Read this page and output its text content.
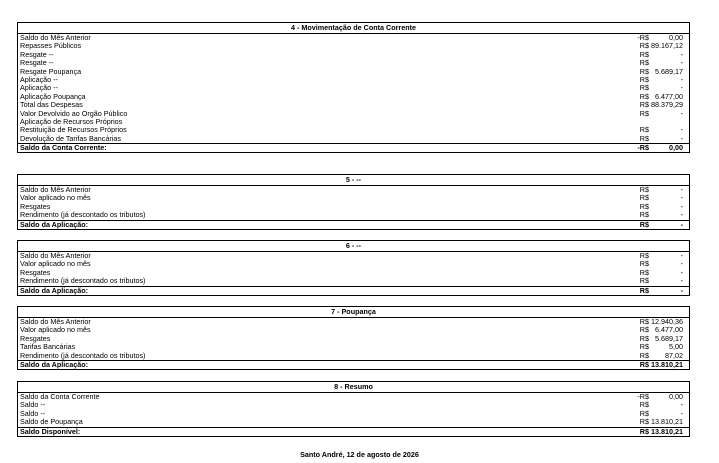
4 - Movimentação de Conta Corrente
Saldo do Mês Anterior	-R$	0,00
Repasses Públicos	R$ 89.167,12
Resgate --	R$	-
Resgate --	R$	-
Resgate Poupança	R$ 5.689,17
Aplicação --	R$	-
Aplicação --	R$	-
Aplicação Poupança	R$ 6.477,00
Total das Despesas	R$ 88.379,29
Valor Devolvido ao Orgão Público	R$	-
Aplicação de Recursos Próprios
Restituição de Recursos Próprios	R$	-
Devolução de Tarifas Bancárias	R$	-
Saldo da Conta Corrente:	-R$	0,00
5 - --
Saldo do Mês Anterior	R$	-
Valor aplicado no mês	R$	-
Resgates	R$	-
Rendimento (já descontado os tributos)	R$	-
Saldo da Aplicação:	R$	-
6 - --
Saldo do Mês Anterior	R$	-
Valor aplicado no mês	R$	-
Resgates	R$	-
Rendimento (já descontado os tributos)	R$	-
Saldo da Aplicação:	R$	-
7 - Poupança
Saldo do Mês Anterior	R$ 12.940,36
Valor aplicado no mês	R$ 6.477,00
Resgates	R$ 5.689,17
Tarifas Bancárias	R$	5,00
Rendimento (já descontado os tributos)	R$ 87,02
Saldo da Aplicação:	R$ 13.810,21
8 - Resumo
Saldo da Conta Corrente	-R$	0,00
Saldo --	R$	-
Saldo --	R$	-
Saldo de Poupança	R$ 13.810,21
Saldo Disponível:	R$ 13.810,21
Santo André, 12 de agosto de 2026
